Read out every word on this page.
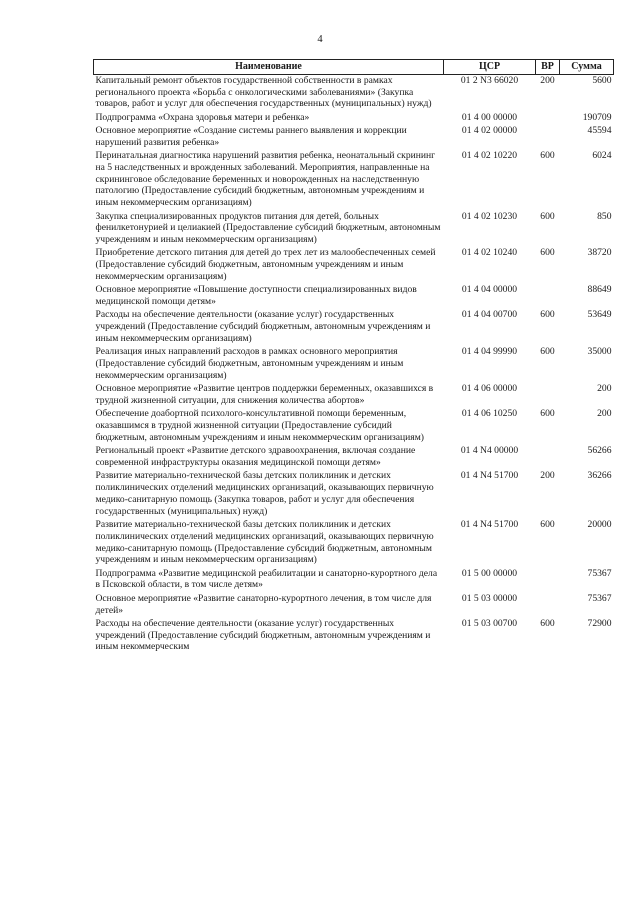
4
Наименование	ЦСР	ВР	Сумма
Капитальный ремонт объектов государственной собственности в рамках регионального проекта «Борьба с онкологическими заболеваниями» (Закупка товаров, работ и услуг для обеспечения государственных (муниципальных) нужд)	01 2 N3 66020	200	5600
Подпрограмма «Охрана здоровья матери и ребенка»	01 4 00 00000		190709
Основное мероприятие «Создание системы раннего выявления и коррекции нарушений развития ребенка»	01 4 02 00000		45594
Перинатальная диагностика нарушений развития ребенка, неонатальный скрининг на 5 наследственных и врожденных заболеваний. Мероприятия, направленные на скрининговое обследование беременных и новорожденных на наследственную патологию (Предоставление субсидий бюджетным, автономным учреждениям и иным некоммерческим организациям)	01 4 02 10220	600	6024
Закупка специализированных продуктов питания для детей, больных фенилкетонурией и целиакией (Предоставление субсидий бюджетным, автономным учреждениям и иным некоммерческим организациям)	01 4 02 10230	600	850
Приобретение детского питания для детей до трех лет из малообеспеченных семей (Предоставление субсидий бюджетным, автономным учреждениям и иным некоммерческим организациям)	01 4 02 10240	600	38720
Основное мероприятие «Повышение доступности специализированных видов медицинской помощи детям»	01 4 04 00000		88649
Расходы на обеспечение деятельности (оказание услуг) государственных учреждений (Предоставление субсидий бюджетным, автономным учреждениям и иным некоммерческим организациям)	01 4 04 00700	600	53649
Реализация иных направлений расходов в рамках основного мероприятия (Предоставление субсидий бюджетным, автономным учреждениям и иным некоммерческим организациям)	01 4 04 99990	600	35000
Основное мероприятие «Развитие центров поддержки беременных, оказавшихся в трудной жизненной ситуации, для снижения количества абортов»	01 4 06 00000		200
Обеспечение доабортной психолого-консультативной помощи беременным, оказавшимся в трудной жизненной ситуации (Предоставление субсидий бюджетным, автономным учреждениям и иным некоммерческим организациям)	01 4 06 10250	600	200
Региональный проект «Развитие детского здравоохранения, включая создание современной инфраструктуры оказания медицинской помощи детям»	01 4 N4 00000		56266
Развитие материально-технической базы детских поликлиник и детских поликлинических отделений медицинских организаций, оказывающих первичную медико-санитарную помощь (Закупка товаров, работ и услуг для обеспечения государственных (муниципальных) нужд)	01 4 N4 51700	200	36266
Развитие материально-технической базы детских поликлиник и детских поликлинических отделений медицинских организаций, оказывающих первичную медико-санитарную помощь (Предоставление субсидий бюджетным, автономным учреждениям и иным некоммерческим организациям)	01 4 N4 51700	600	20000
Подпрограмма «Развитие медицинской реабилитации и санаторно-курортного дела в Псковской области, в том числе детям»	01 5 00 00000		75367
Основное мероприятие «Развитие санаторно-курортного лечения, в том числе для детей»	01 5 03 00000		75367
Расходы на обеспечение деятельности (оказание услуг) государственных учреждений (Предоставление субсидий бюджетным, автономным учреждениям и иным некоммерческим	01 5 03 00700	600	72900
